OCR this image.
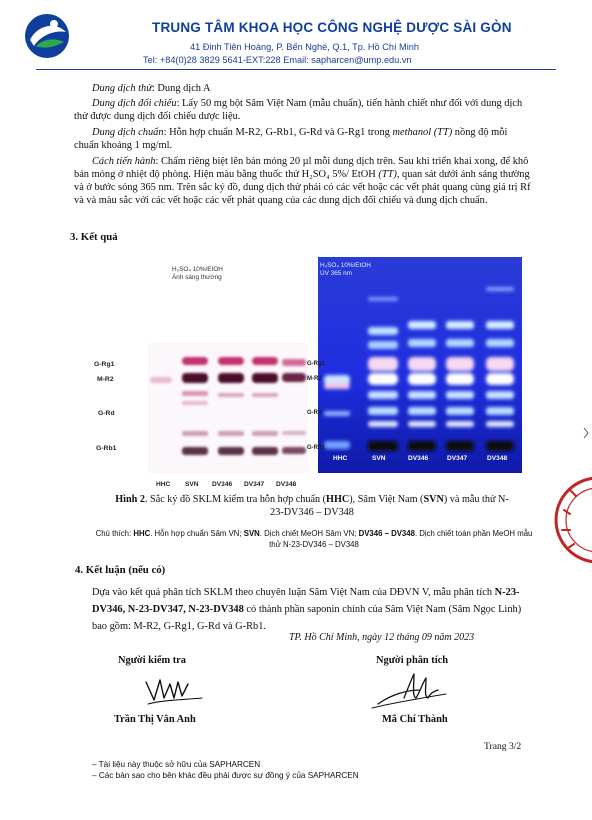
TRUNG TÂM KHOA HỌC CÔNG NGHỆ DƯỢC SÀI GÒN
41 Đinh Tiên Hoàng, P. Bến Nghé, Q.1, Tp. Hồ Chí Minh
Tel: +84(0)28 3829 5641-EXT:228 Email: sapharcen@ump.edu.vn
Dung dịch thử: Dung dịch A
Dung dịch đối chiếu: Lấy 50 mg bột Sâm Việt Nam (mẫu chuẩn), tiến hành chiết như đối với dung dịch thử được dung dịch đối chiếu dược liệu.
Dung dịch chuẩn: Hỗn hợp chuẩn M-R2, G-Rb1, G-Rd và G-Rg1 trong methanol (TT) nồng độ mỗi chuẩn khoảng 1 mg/ml.
Cách tiến hành: Chấm riêng biệt lên bản mỏng 20 µl mỗi dung dịch trên. Sau khi triển khai xong, để khô bản mỏng ở nhiệt độ phòng. Hiện màu bằng thuốc thử H₂SO₄ 5%/ EtOH (TT), quan sát dưới ánh sáng thường và ở bước sóng 365 nm. Trên sắc ký đồ, dung dịch thử phải có các vết hoặc các vết phát quang cùng giá trị Rf và và màu sắc với các vết hoặc các vết phát quang của các dung dịch đối chiếu và dung dịch chuẩn.
3. Kết quả
H₂SO₄ 10%/EtOH
Ánh sáng thường
G-Rg1
M-R2
G-Rd
G-Rb1
HHC SVN DV346 DV347 DV348
H₂SO₄ 10%/EtOH
UV 365 nm
G-Rg1
M-R2
G-Rd
G-Rb1
HHC	SVN	DV346	DV347	DV348
Hình 2. Sắc ký đồ SKLM kiểm tra hỗn hợp chuẩn (HHC), Sâm Việt Nam (SVN) và mẫu thử N-23-DV346 – DV348
Chú thích: HHC. Hỗn hợp chuẩn Sâm VN; SVN. Dịch chiết MeOH Sâm VN; DV346 – DV348. Dịch chiết toàn phần MeOH mẫu thử N-23-DV346 – DV348
4. Kết luận (nếu có)
Dựa vào kết quả phân tích SKLM theo chuyên luận Sâm Việt Nam của DĐVN V, mẫu phân tích N-23-DV346, N-23-DV347, N-23-DV348 có thành phần saponin chính của Sâm Việt Nam (Sâm Ngọc Linh) bao gồm: M-R2, G-Rg1, G-Rd và G-Rb1.
TP. Hồ Chí Minh, ngày 12 tháng 09 năm 2023
Người kiểm tra	Người phân tích
Trần Thị Vân Anh	Mã Chí Thành
Trang 3/2
– Tài liệu này thuộc sở hữu của SAPHARCEN
– Các bản sao cho bên khác đều phải được sự đồng ý của SAPHARCEN
